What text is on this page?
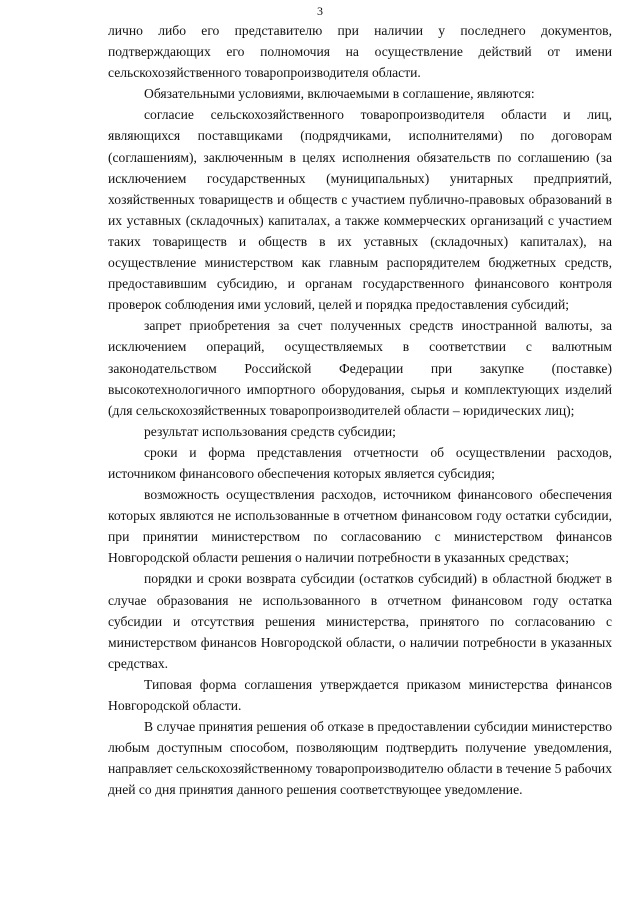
3

лично либо его представителю при наличии у последнего документов, подтверждающих его полномочия на осуществление действий от имени сельскохозяйственного товаропроизводителя области.

Обязательными условиями, включаемыми в соглашение, являются:

согласие сельскохозяйственного товаропроизводителя области и лиц, являющихся поставщиками (подрядчиками, исполнителями) по договорам (соглашениям), заключенным в целях исполнения обязательств по соглашению (за исключением государственных (муниципальных) унитарных предприятий, хозяйственных товариществ и обществ с участием публично-правовых образований в их уставных (складочных) капиталах, а также коммерческих организаций с участием таких товариществ и обществ в их уставных (складочных) капиталах), на осуществление министерством как главным распорядителем бюджетных средств, предоставившим субсидию, и органам государственного финансового контроля проверок соблюдения ими условий, целей и порядка предоставления субсидий;

запрет приобретения за счет полученных средств иностранной валюты, за исключением операций, осуществляемых в соответствии с валютным законодательством Российской Федерации при закупке (поставке) высокотехнологичного импортного оборудования, сырья и комплектующих изделий (для сельскохозяйственных товаропроизводителей области – юридических лиц);

результат использования средств субсидии;

сроки и форма представления отчетности об осуществлении расходов, источником финансового обеспечения которых является субсидия;

возможность осуществления расходов, источником финансового обеспечения которых являются не использованные в отчетном финансовом году остатки субсидии, при принятии министерством по согласованию с министерством финансов Новгородской области решения о наличии потребности в указанных средствах;

порядки и сроки возврата субсидии (остатков субсидий) в областной бюджет в случае образования не использованного в отчетном финансовом году остатка субсидии и отсутствия решения министерства, принятого по согласованию с министерством финансов Новгородской области, о наличии потребности в указанных средствах.

Типовая форма соглашения утверждается приказом министерства финансов Новгородской области.

В случае принятия решения об отказе в предоставлении субсидии министерство любым доступным способом, позволяющим подтвердить получение уведомления, направляет сельскохозяйственному товаропроизводителю области в течение 5 рабочих дней со дня принятия данного решения соответствующее уведомление.
